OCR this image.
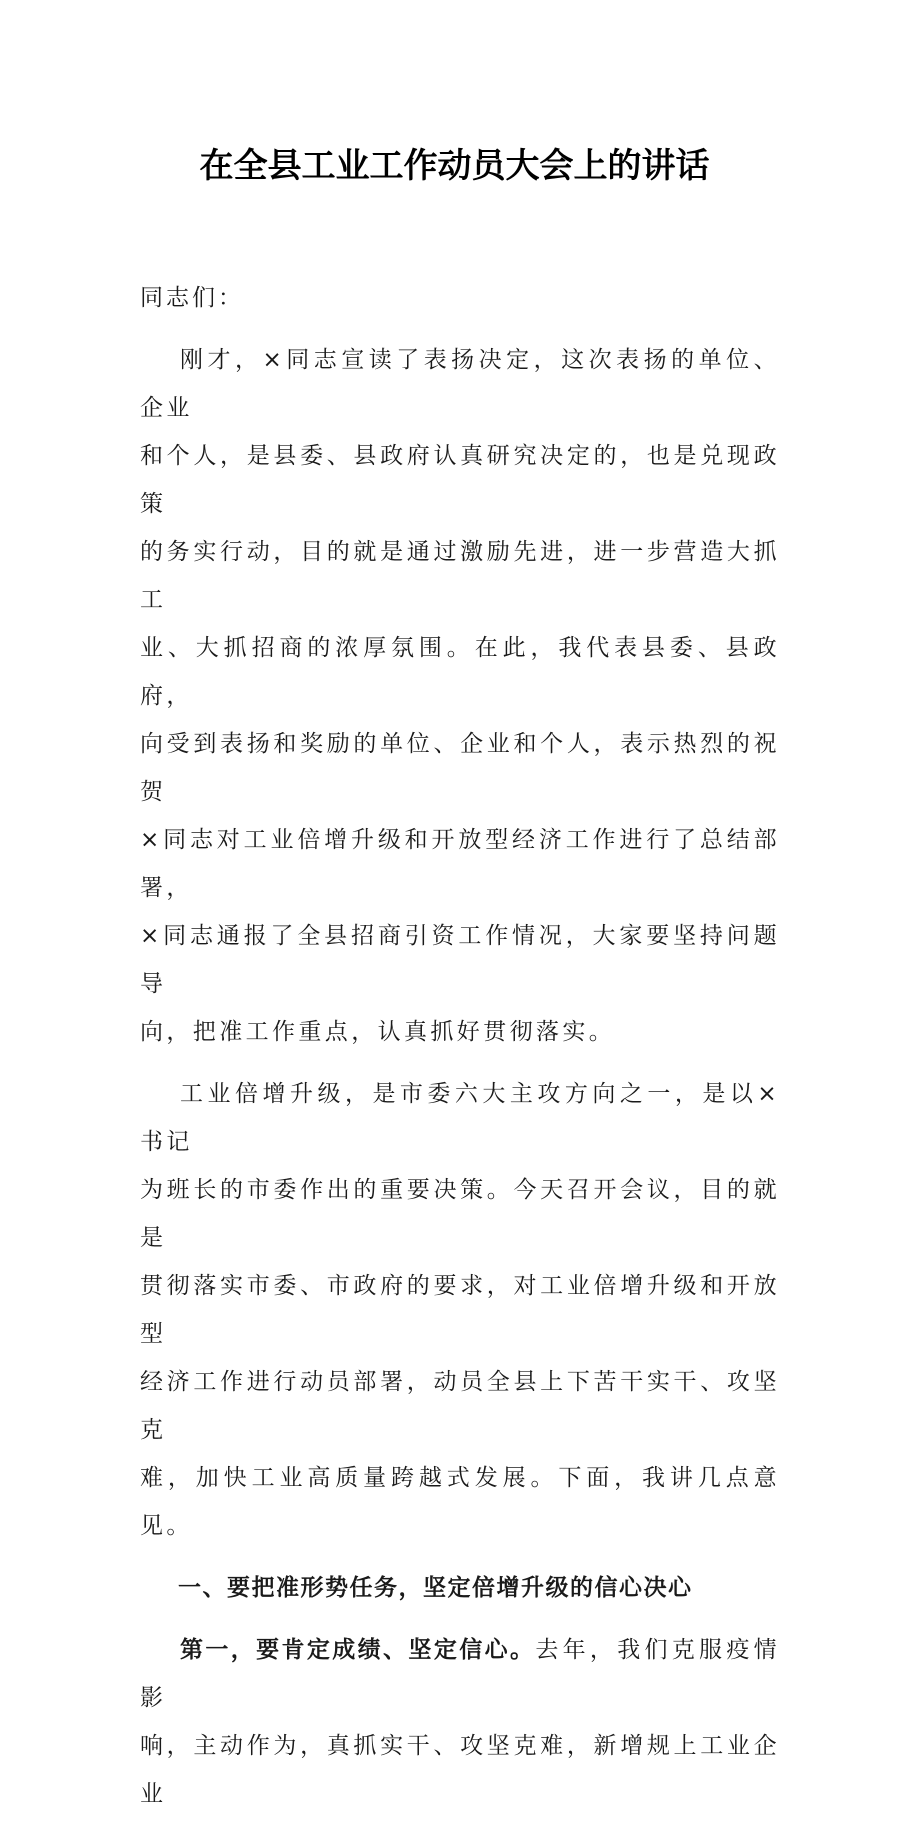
在全县工业工作动员大会上的讲话

同志们：

刚才，×同志宣读了表扬决定，这次表扬的单位、企业
和个人，是县委、县政府认真研究决定的，也是兑现政策
的务实行动，目的就是通过激励先进，进一步营造大抓工
业、大抓招商的浓厚氛围。在此，我代表县委、县政府，
向受到表扬和奖励的单位、企业和个人，表示热烈的祝贺
×同志对工业倍增升级和开放型经济工作进行了总结部署，
×同志通报了全县招商引资工作情况，大家要坚持问题导
向，把准工作重点，认真抓好贯彻落实。

工业倍增升级，是市委六大主攻方向之一，是以×书记
为班长的市委作出的重要决策。今天召开会议，目的就是
贯彻落实市委、市政府的要求，对工业倍增升级和开放型
经济工作进行动员部署，动员全县上下苦干实干、攻坚克
难，加快工业高质量跨越式发展。下面，我讲几点意见。

一、要把准形势任务，坚定倍增升级的信心决心

第一，要肯定成绩、坚定信心。去年，我们克服疫情影
响，主动作为，真抓实干、攻坚克难，新增规上工业企业
